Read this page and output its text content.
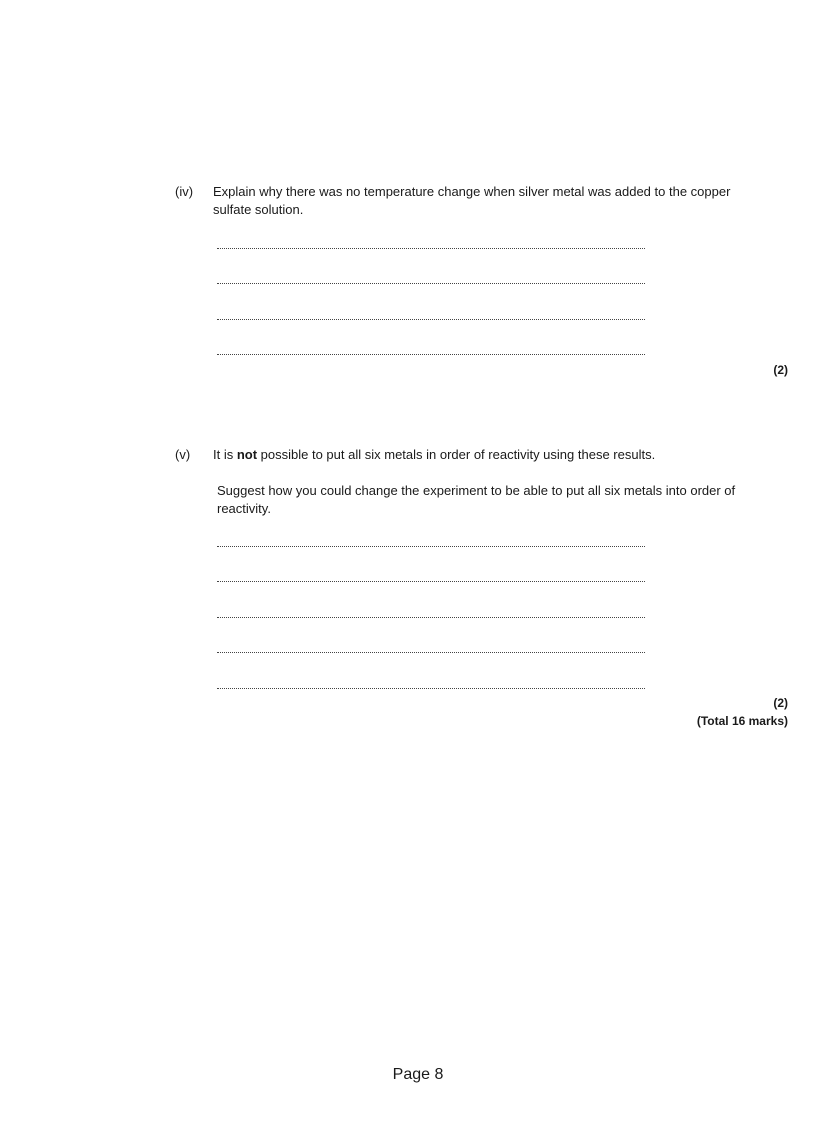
(iv) Explain why there was no temperature change when silver metal was added to the copper sulfate solution.
(2)
(v) It is not possible to put all six metals in order of reactivity using these results.
Suggest how you could change the experiment to be able to put all six metals into order of reactivity.
(2)
(Total 16 marks)
Page 8
